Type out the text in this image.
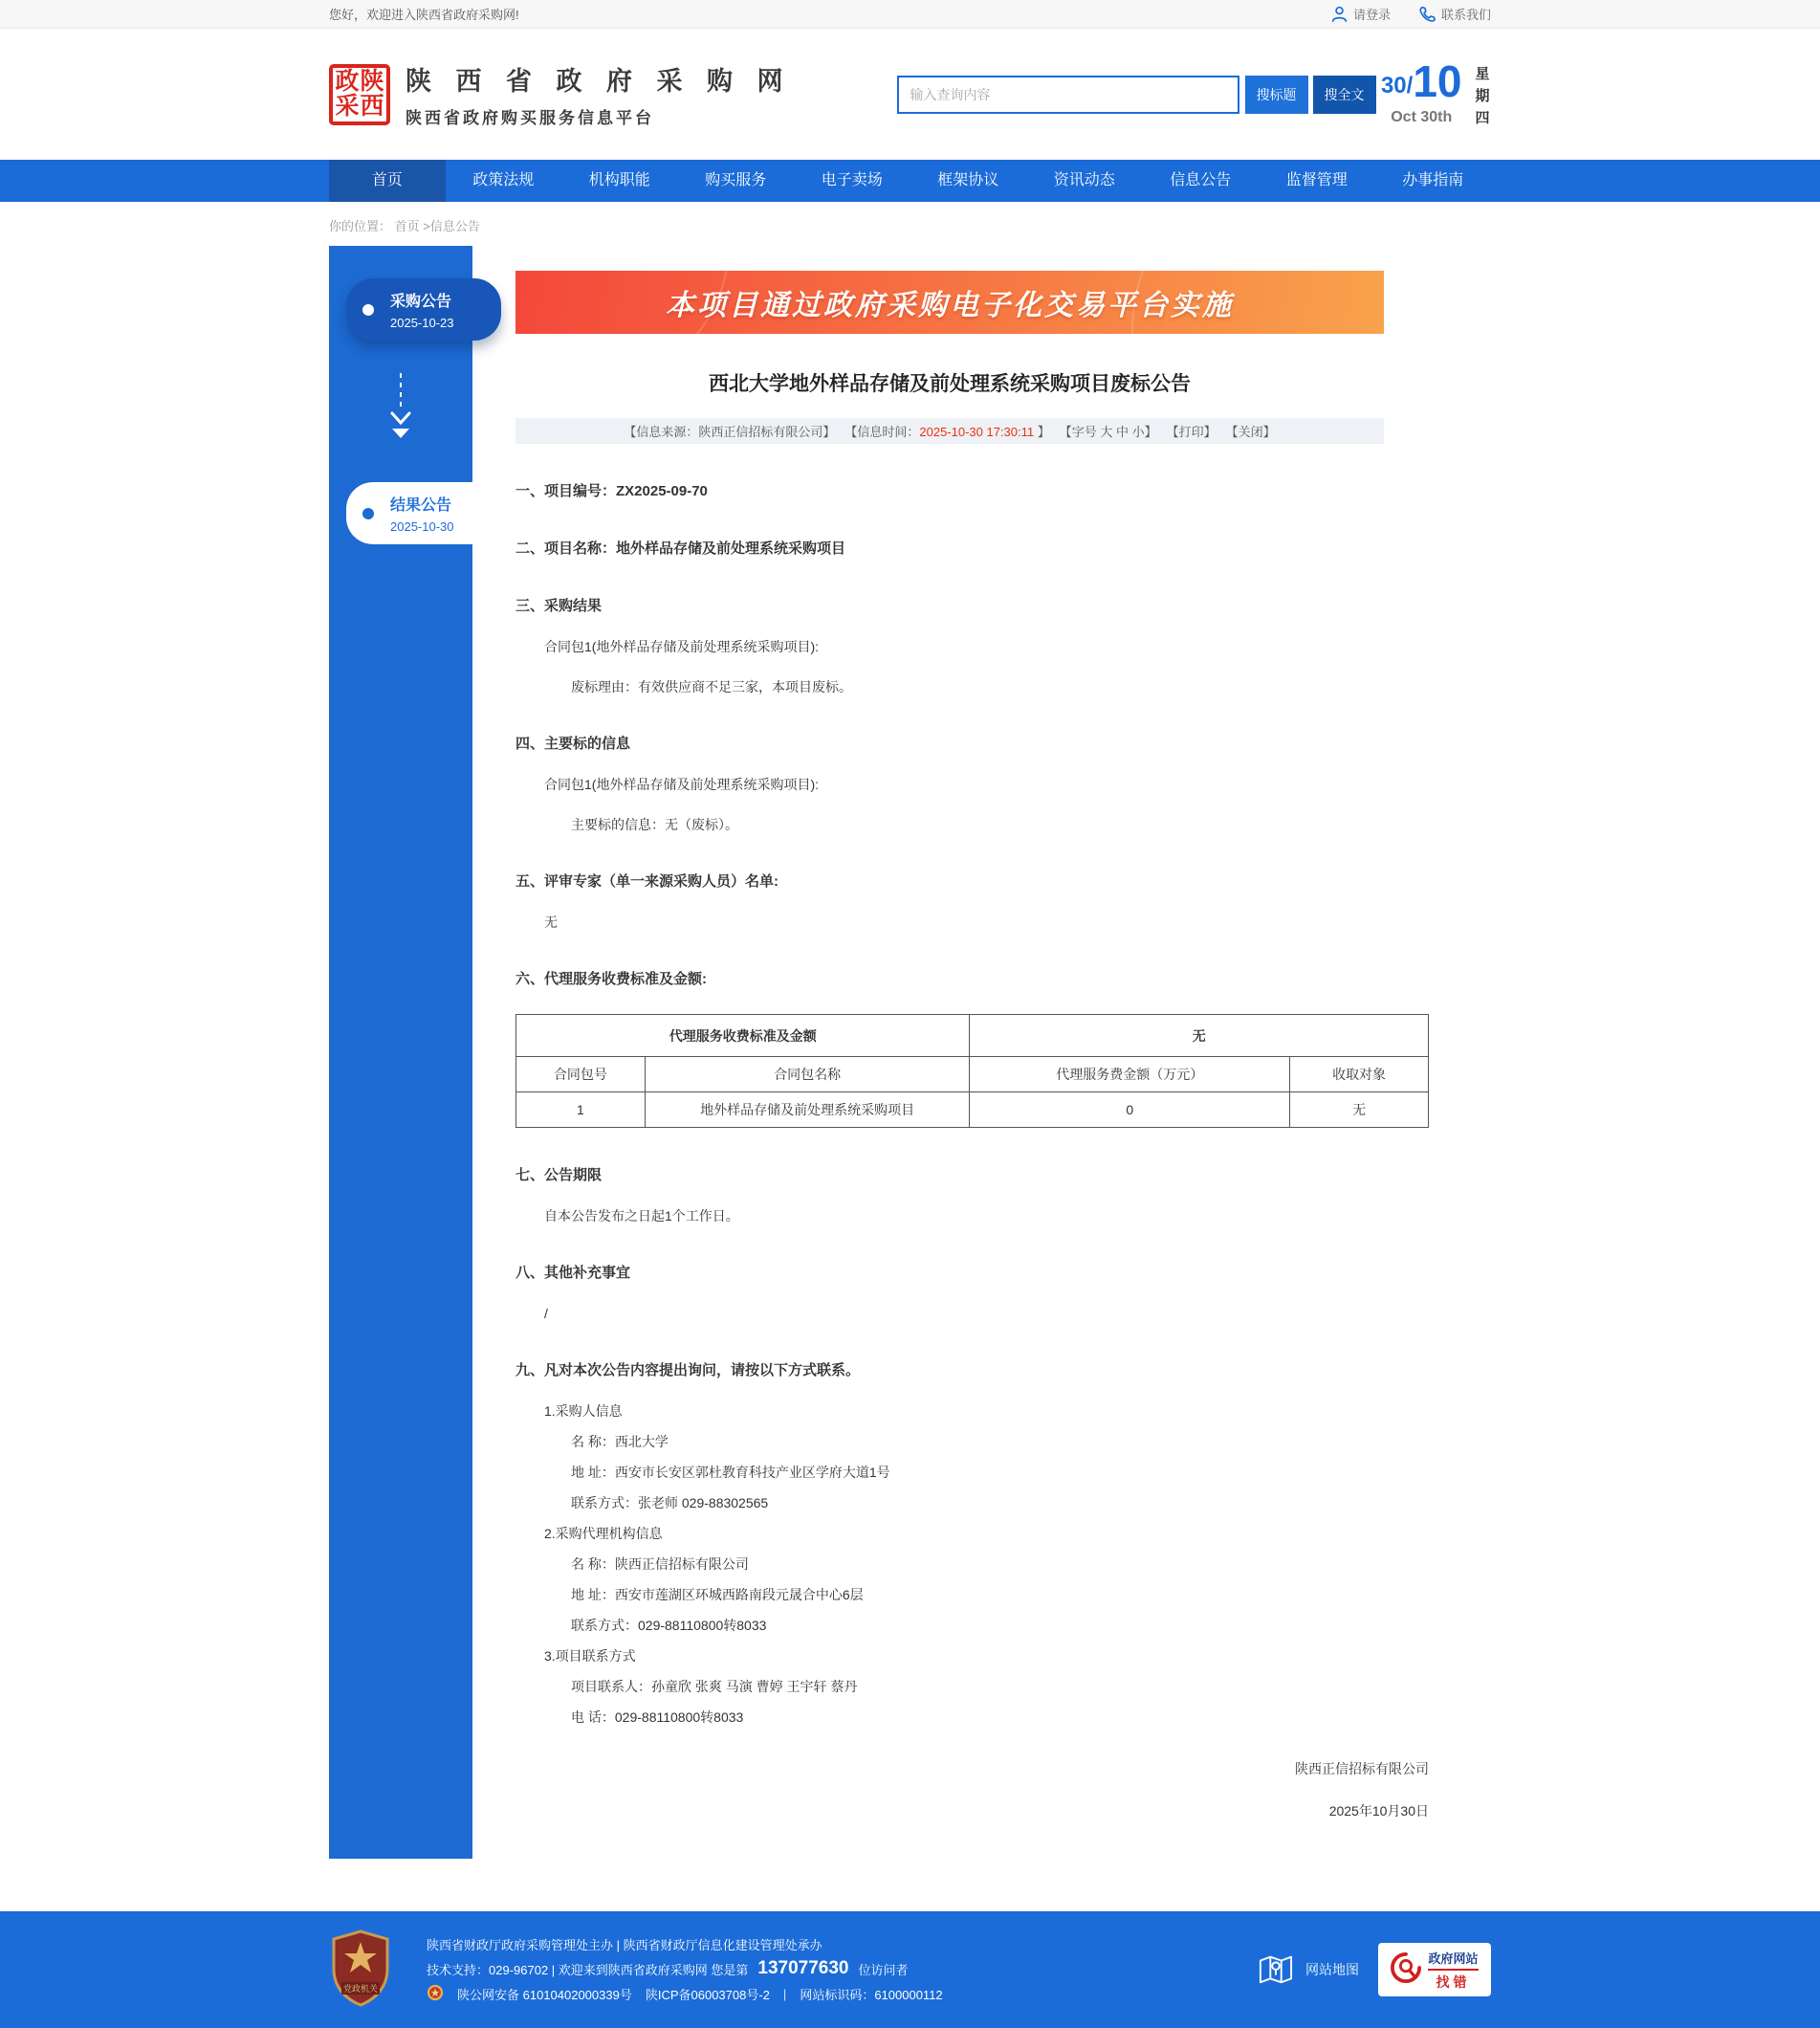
您好，欢迎进入陕西省政府采购网!	请登录	联系我们
政 陕
采 西
陕 西 省 政 府 采 购 网
陕西省政府购买服务信息平台
输入查询内容
搜标题	搜全文 30/ 10
Oct 30th
星期四
首页	政策法规	机构职能	购买服务	电子卖场	框架协议	资讯动态	信息公告	监督管理	办事指南
你的位置： 首页 >信息公告
采购公告
2025-10-23
结果公告
2025-10-30
本项目通过政府采购电子化交易平台实施
西北大学地外样品存储及前处理系统采购项目废标公告
【信息来源：陕西正信招标有限公司】 【信息时间：2025-10-30 17:30:11 】 【字号 大 中 小】 【打印】 【关闭】
一、项目编号：ZX2025-09-70
二、项目名称：地外样品存储及前处理系统采购项目
三、采购结果
合同包1(地外样品存储及前处理系统采购项目):
废标理由：有效供应商不足三家，本项目废标。
四、主要标的信息
合同包1(地外样品存储及前处理系统采购项目):
主要标的信息：无（废标）。
五、评审专家（单一来源采购人员）名单:
无
六、代理服务收费标准及金额:
代理服务收费标准及金额		无	
合同包号	合同包名称	代理服务费金额（万元）	收取对象
1	地外样品存储及前处理系统采购项目	0	无
七、公告期限
自本公告发布之日起1个工作日。
八、其他补充事宜
/
九、凡对本次公告内容提出询问，请按以下方式联系。
1.采购人信息
名 称：西北大学
地 址：西安市长安区郭杜教育科技产业区学府大道1号
联系方式：张老师 029-88302565
2.采购代理机构信息
名 称：陕西正信招标有限公司
地 址：西安市莲湖区环城西路南段元晟合中心6层
联系方式：029-88110800转8033
3.项目联系方式
项目联系人：孙童欣 张爽 马演 曹婷 王宇轩 蔡丹
电 话：029-88110800转8033
陕西正信招标有限公司
2025年10月30日
党政机关
陕西省财政厅政府采购管理处主办 | 陕西省财政厅信息化建设管理处承办
技术支持：029-96702 | 欢迎来到陕西省政府采购网 您是第 137077630 位访问者
陕公网安备 61010402000339号 陕ICP备06003708号-2 | 网站标识码：6100000112
网站地图
政府网站
找错
